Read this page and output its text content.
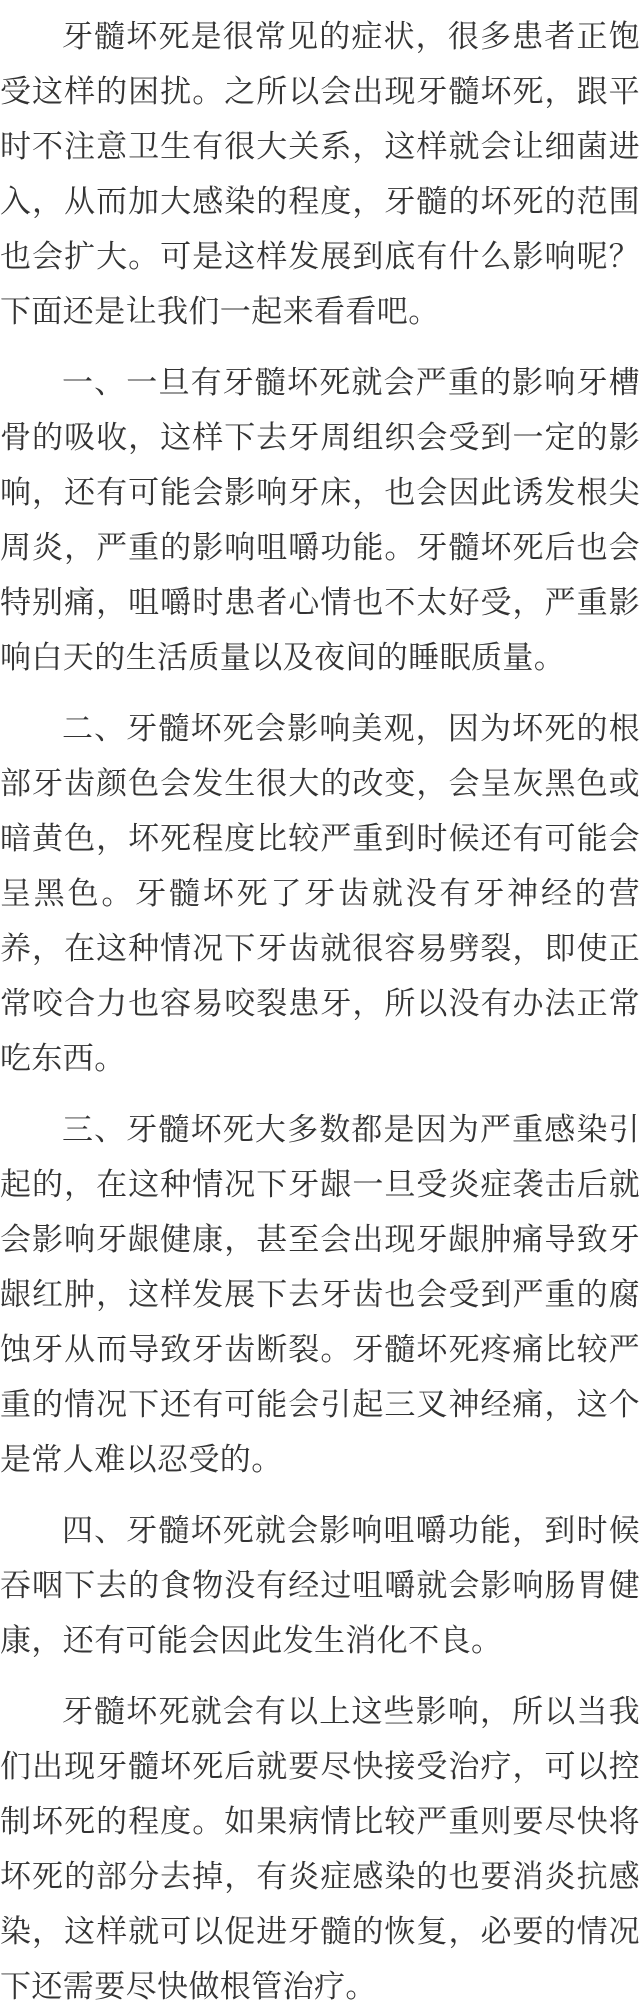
牙髓坏死是很常见的症状，很多患者正饱受这样的困扰。之所以会出现牙髓坏死，跟平时不注意卫生有很大关系，这样就会让细菌进入，从而加大感染的程度，牙髓的坏死的范围也会扩大。可是这样发展到底有什么影响呢？下面还是让我们一起来看看吧。

一、一旦有牙髓坏死就会严重的影响牙槽骨的吸收，这样下去牙周组织会受到一定的影响，还有可能会影响牙床，也会因此诱发根尖周炎，严重的影响咀嚼功能。牙髓坏死后也会特别痛，咀嚼时患者心情也不太好受，严重影响白天的生活质量以及夜间的睡眠质量。

二、牙髓坏死会影响美观，因为坏死的根部牙齿颜色会发生很大的改变，会呈灰黑色或暗黄色，坏死程度比较严重到时候还有可能会呈黑色。牙髓坏死了牙齿就没有牙神经的营养，在这种情况下牙齿就很容易劈裂，即使正常咬合力也容易咬裂患牙，所以没有办法正常吃东西。

三、牙髓坏死大多数都是因为严重感染引起的，在这种情况下牙龈一旦受炎症袭击后就会影响牙龈健康，甚至会出现牙龈肿痛导致牙龈红肿，这样发展下去牙齿也会受到严重的腐蚀牙从而导致牙齿断裂。牙髓坏死疼痛比较严重的情况下还有可能会引起三叉神经痛，这个是常人难以忍受的。

四、牙髓坏死就会影响咀嚼功能，到时候吞咽下去的食物没有经过咀嚼就会影响肠胃健康，还有可能会因此发生消化不良。

牙髓坏死就会有以上这些影响，所以当我们出现牙髓坏死后就要尽快接受治疗，可以控制坏死的程度。如果病情比较严重则要尽快将坏死的部分去掉，有炎症感染的也要消炎抗感染，这样就可以促进牙髓的恢复，必要的情况下还需要尽快做根管治疗。
